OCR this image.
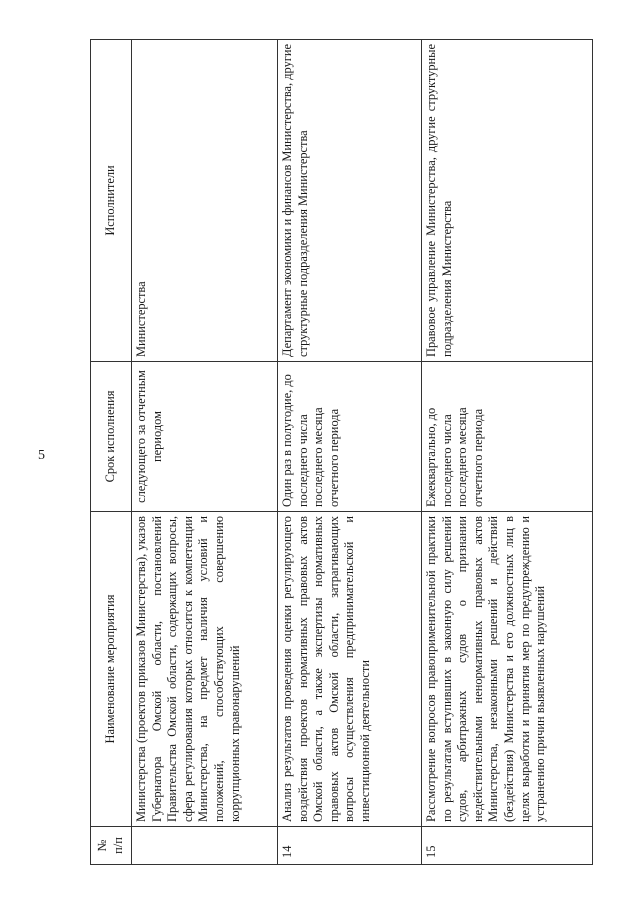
5
№
п/п	Наименование мероприятия	Срок исполнения	Исполнители
	Министерства (проектов приказов Министерства), указов Губернатора Омской области, постановлений Правительства Омской области, содержащих вопросы, сфера регулирования которых относится к компетенции Министерства, на предмет наличия условий и положений, способствующих совершению коррупционных правонарушений	следующего за отчетным периодом	Министерства
14	Анализ результатов проведения оценки регулирующего воздействия проектов нормативных правовых актов Омской области, а также экспертизы нормативных правовых актов Омской области, затрагивающих вопросы осуществления предпринимательской и инвестиционной деятельности	Один раз в полугодие, до последнего числа последнего месяца отчетного периода	Департамент экономики и финансов Министерства, другие структурные подразделения Министерства
15	Рассмотрение вопросов правоприменительной практики по результатам вступивших в законную силу решений судов, арбитражных судов о признании недействительными ненормативных правовых актов Министерства, незаконными решений и действий (бездействия) Министерства и его должностных лиц в целях выработки и принятия мер по предупреждению и устранению причин выявленных нарушений	Ежеквартально, до последнего числа последнего месяца отчетного периода	Правовое управление Министерства, другие структурные подразделения Министерства
